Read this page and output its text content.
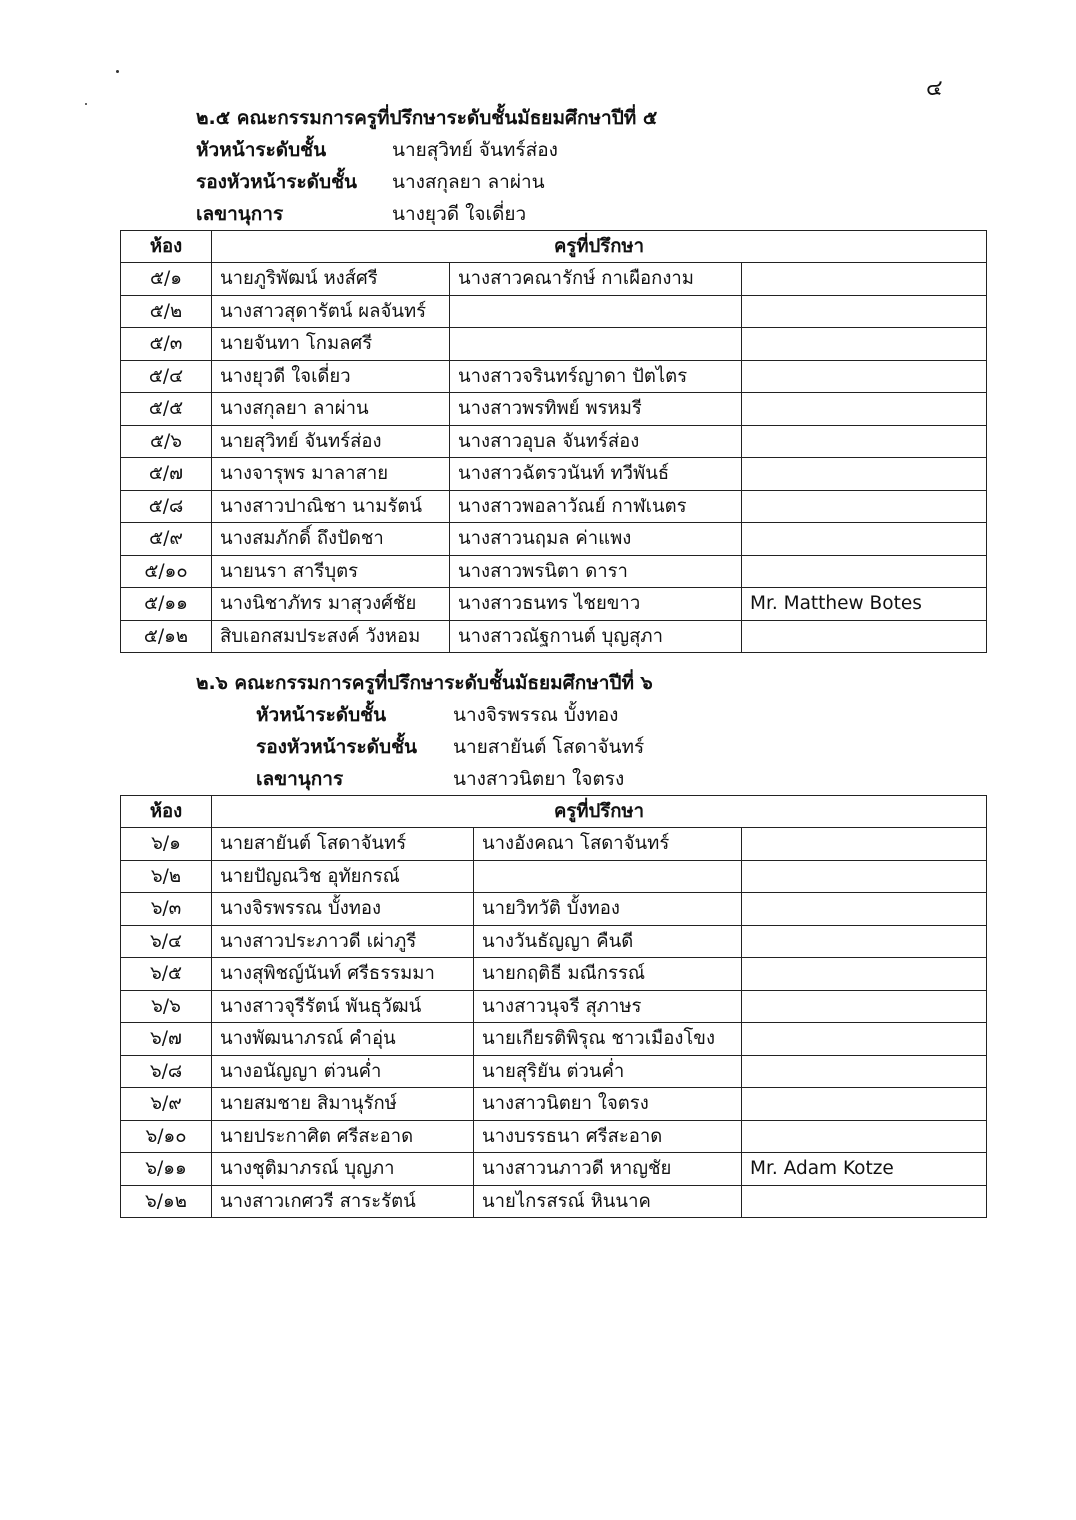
๔
๒.๕ คณะกรรมการครูที่ปรึกษาระดับชั้นมัธยมศึกษาปีที่ ๕
หัวหน้าระดับชั้น	นายสุวิทย์ จันทร์ส่อง
รองหัวหน้าระดับชั้น นางสกุลยา ลาผ่าน
เลขานุการ	นางยุวดี ใจเดี่ยว
ห้อง	ครูที่ปรึกษา		
๕/๑	นายภูริพัฒน์ หงส์ศรี	นางสาวคณารักษ์ กาเผือกงาม	
๕/๒	นางสาวสุดารัตน์ ผลจันทร์		
๕/๓	นายจันทา โกมลศรี		
๕/๔	นางยุวดี ใจเดี่ยว	นางสาวจรินทร์ญาดา ปัตไตร	
๕/๕	นางสกุลยา ลาผ่าน	นางสาวพรทิพย์ พรหมรี	
๕/๖	นายสุวิทย์ จันทร์ส่อง	นางสาวอุบล จันทร์ส่อง	
๕/๗	นางจารุพร มาลาสาย	นางสาวฉัตรวนันท์ ทวีพันธ์	
๕/๘	นางสาวปาณิชา นามรัตน์	นางสาวพอลาวัณย์ กาฬเนตร	
๕/๙	นางสมภักดิ์ ถึงปัดชา	นางสาวนฤมล ค่าแพง	
๕/๑๐	นายนรา สารีบุตร	นางสาวพรนิตา ดารา	
๕/๑๑	นางนิชาภัทร มาสุวงศ์ชัย	นางสาวธนทร ไชยขาว	Mr. Matthew Botes
๕/๑๒	สิบเอกสมประสงค์ วังหอม	นางสาวณัฐกานต์ บุญสุภา	
๒.๖ คณะกรรมการครูที่ปรึกษาระดับชั้นมัธยมศึกษาปีที่ ๖
หัวหน้าระดับชั้น	นางจิรพรรณ บั้งทอง
รองหัวหน้าระดับชั้น นายสายันต์ โสดาจันทร์
เลขานุการ	นางสาวนิตยา ใจตรง
ห้อง	ครูที่ปรึกษา		
๖/๑	นายสายันต์ โสดาจันทร์	นางอังคณา โสดาจันทร์	
๖/๒	นายปัญณวิช อุทัยกรณ์		
๖/๓	นางจิรพรรณ บั้งทอง	นายวิทวัติ บั้งทอง	
๖/๔	นางสาวประภาวดี เผ่าภูรี	นางวันธัญญา คืนดี	
๖/๕	นางสุพิชญ์นันท์ ศรีธรรมมา	นายกฤติธี มณีกรรณ์	
๖/๖	นางสาวจุรีรัตน์ พันธุวัฒน์	นางสาวนุจรี สุภาษร	
๖/๗	นางพัฒนาภรณ์ คำอุ่น	นายเกียรติพิรุณ ชาวเมืองโขง	
๖/๘	นางอนัญญา ต่วนค่ำ	นายสุริยัน ต่วนค่ำ	
๖/๙	นายสมชาย สิมานุรักษ์	นางสาวนิตยา ใจตรง	
๖/๑๐	นายประกาศิต ศรีสะอาด	นางบรรธนา ศรีสะอาด	
๖/๑๑	นางชุติมาภรณ์ บุญภา	นางสาวนภาวดี หาญชัย	Mr. Adam Kotze
๖/๑๒	นางสาวเกศวรี สาระรัตน์	นายไกรสรณ์ หินนาค	
